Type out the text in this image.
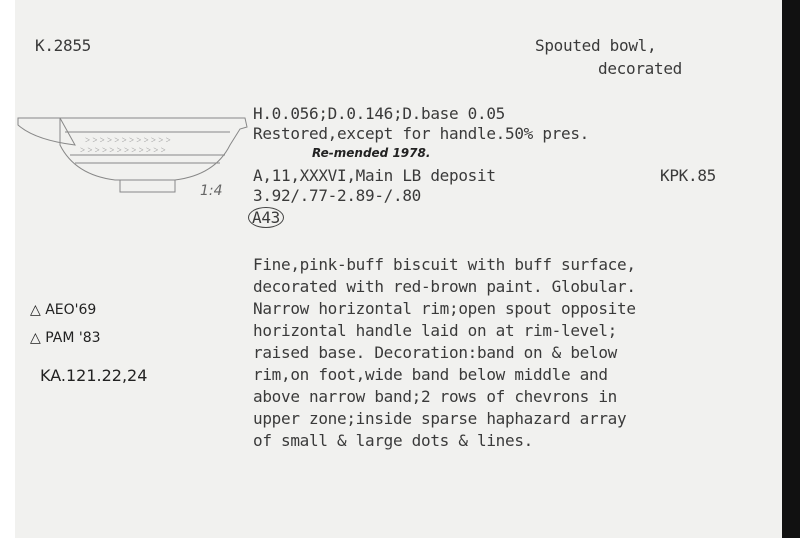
K.2855	Spouted bowl,
decorated
> > > > > > > > > > > >
> > > > > > > > > > > >
1:4
H.0.056;D.0.146;D.base 0.05
Restored,except for handle.50% pres.
Re-mended 1978.
A,11,XXXVI,Main LB deposit	KPK.85
3.92/.77-2.89-/.80
A43
△ AEO'69
△ PAM '83
KA.121.22,24
Fine,pink-buff biscuit with buff surface,
decorated with red-brown paint. Globular.
Narrow horizontal rim;open spout opposite
horizontal handle laid on at rim-level;
raised base. Decoration:band on & below
rim,on foot,wide band below middle and
above narrow band;2 rows of chevrons in
upper zone;inside sparse haphazard array
of small & large dots & lines.
